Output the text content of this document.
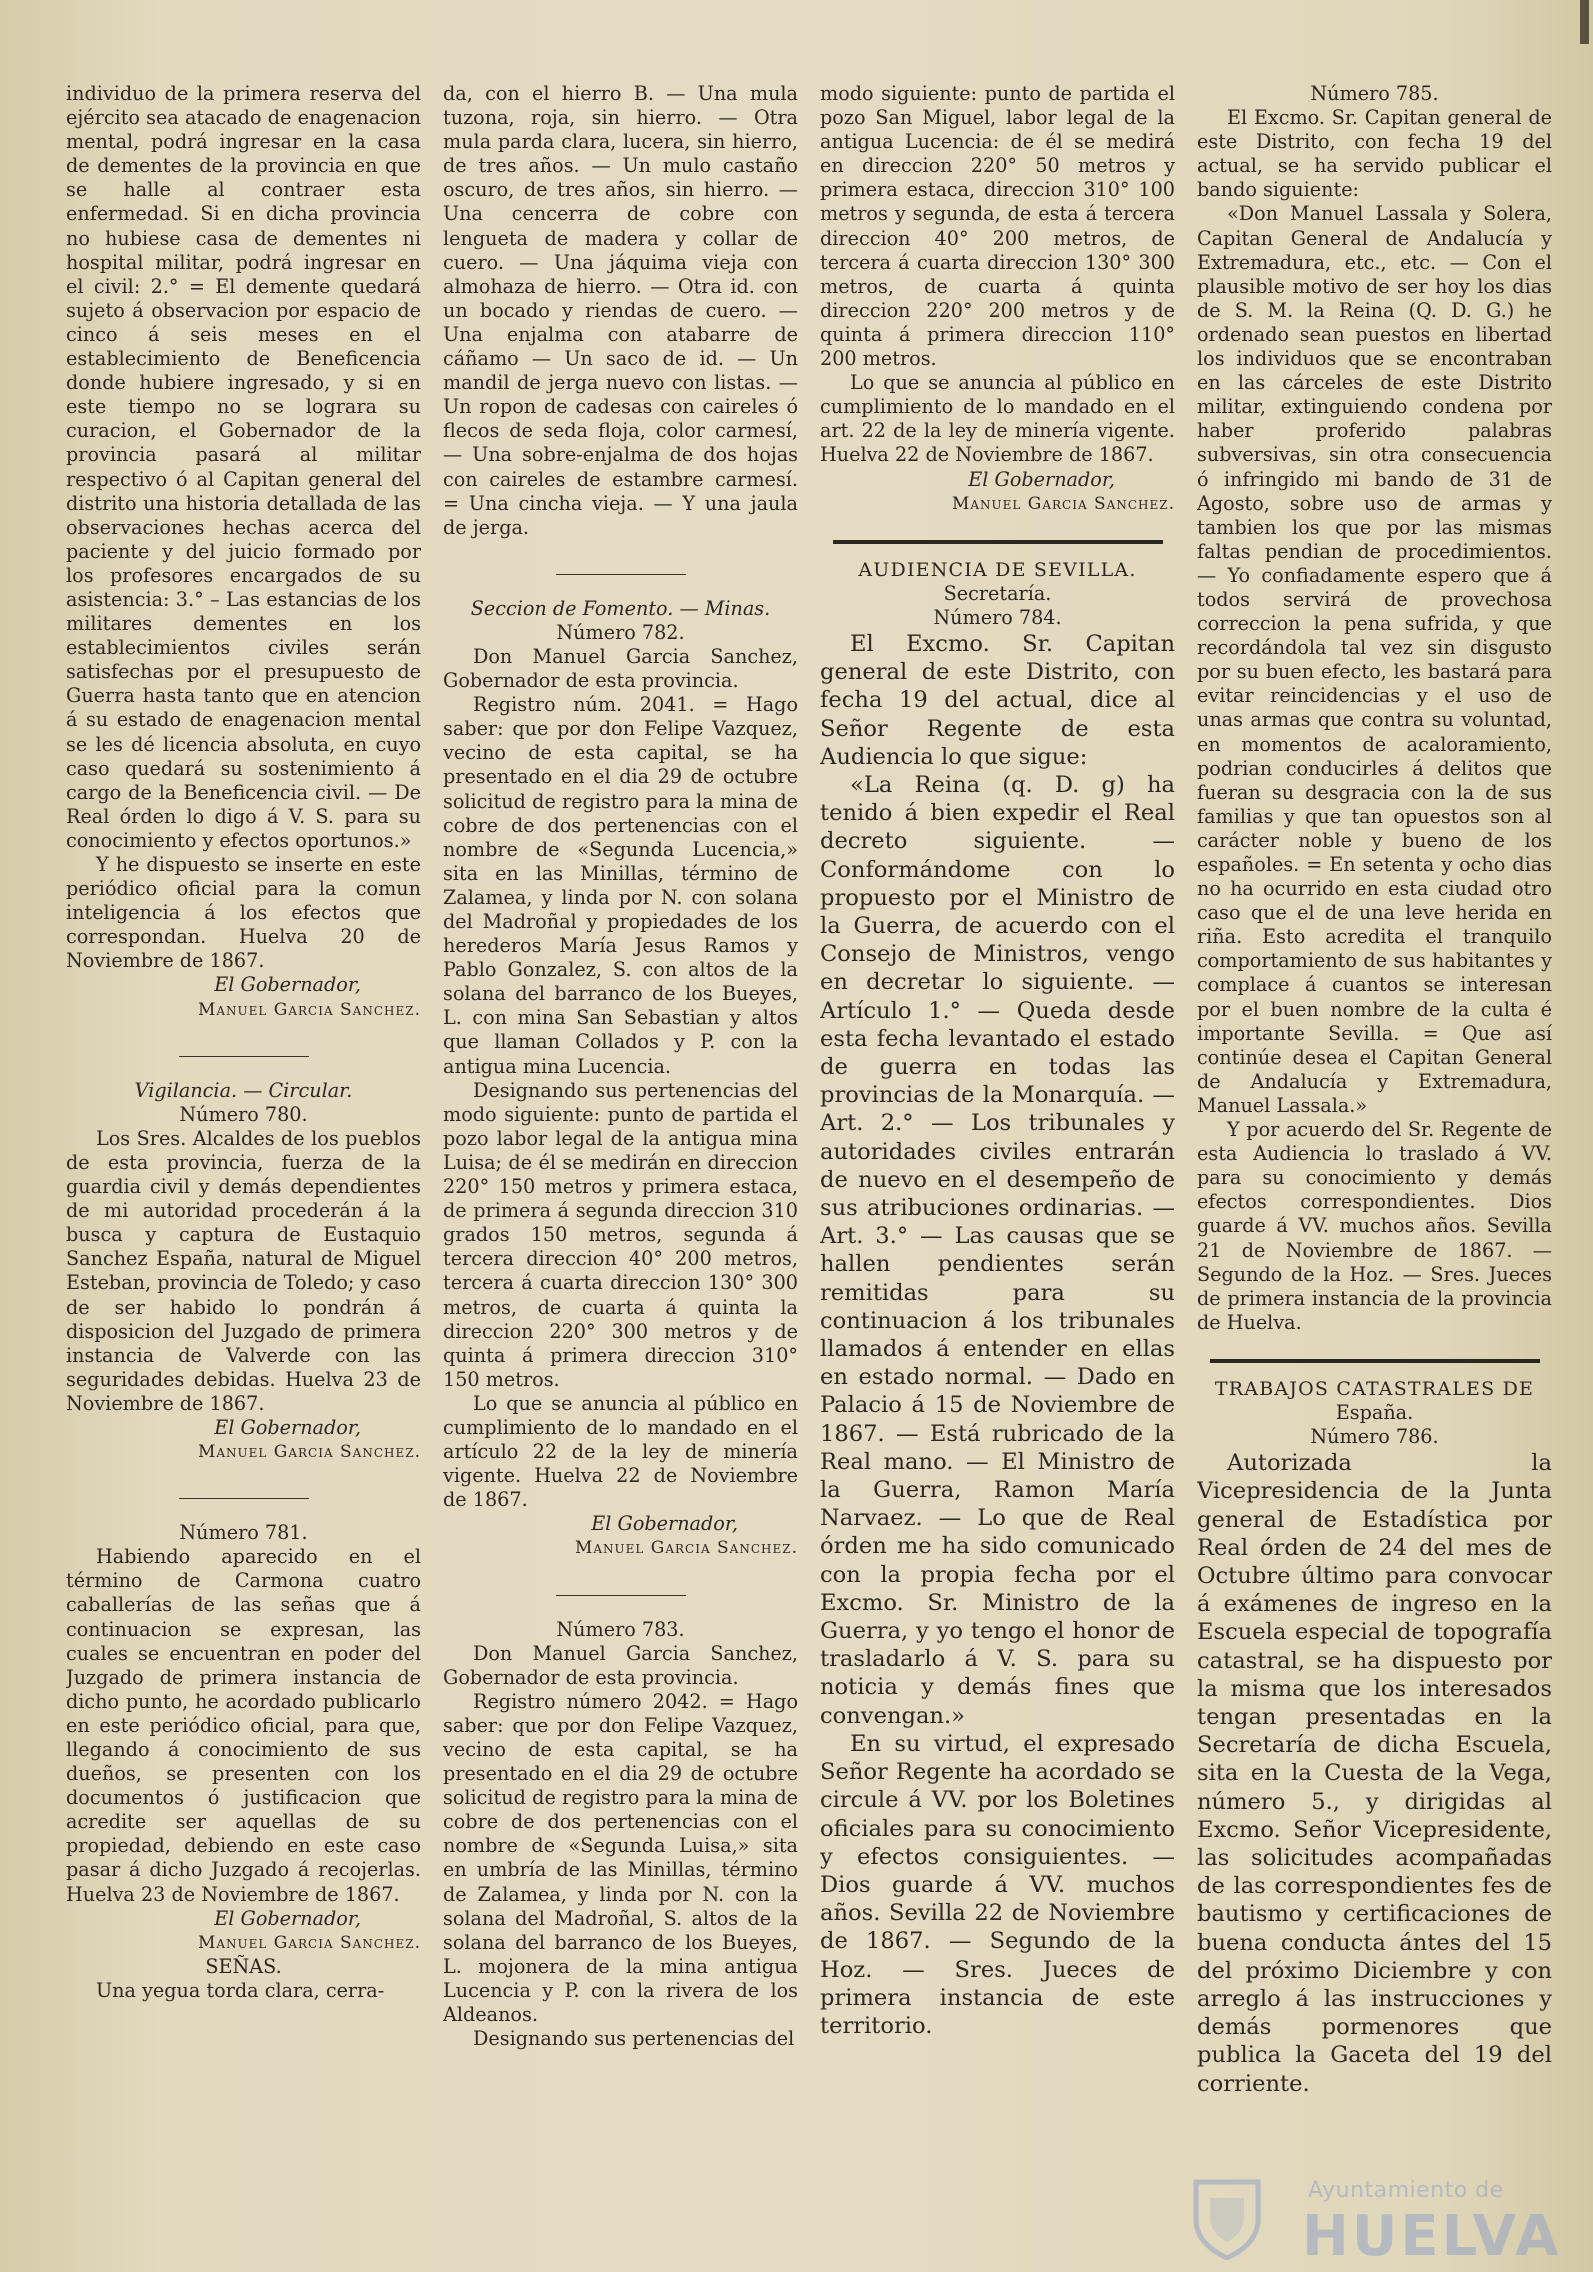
individuo de la primera reserva del ejército sea atacado de enagenacion mental, podrá ingresar en la casa de dementes de la provincia en que se halle al contraer esta enfermedad. Si en dicha provincia no hubiese casa de dementes ni hospital militar, podrá ingresar en el civil: 2.° = El demente quedará sujeto á observacion por espacio de cinco á seis meses en el establecimiento de Beneficencia donde hubiere ingresado, y si en este tiempo no se lograra su curacion, el Gobernador de la provincia pasará al militar respectivo ó al Capitan general del distrito una historia detallada de las observaciones hechas acerca del paciente y del juicio formado por los profesores encargados de su asistencia: 3.° – Las estancias de los militares dementes en los establecimientos civiles serán satisfechas por el presupuesto de Guerra hasta tanto que en atencion á su estado de enagenacion mental se les dé licencia absoluta, en cuyo caso quedará su sostenimiento á cargo de la Beneficencia civil. — De Real órden lo digo á V. S. para su conocimiento y efectos oportunos.»

Y he dispuesto se inserte en este periódico oficial para la comun inteligencia á los efectos que correspondan. Huelva 20 de Noviembre de 1867.

El Gobernador,

Manuel Garcia Sanchez.

Vigilancia. — Circular.

Número 780.

Los Sres. Alcaldes de los pueblos de esta provincia, fuerza de la guardia civil y demás dependientes de mi autoridad procederán á la busca y captura de Eustaquio Sanchez España, natural de Miguel Esteban, provincia de Toledo; y caso de ser habido lo pondrán á disposicion del Juzgado de primera instancia de Valverde con las seguridades debidas. Huelva 23 de Noviembre de 1867.

El Gobernador,

Manuel Garcia Sanchez.

Número 781.

Habiendo aparecido en el término de Carmona cuatro caballerías de las señas que á continuacion se expresan, las cuales se encuentran en poder del Juzgado de primera instancia de dicho punto, he acordado publicarlo en este periódico oficial, para que, llegando á conocimiento de sus dueños, se presenten con los documentos ó justificacion que acredite ser aquellas de su propiedad, debiendo en este caso pasar á dicho Juzgado á recojerlas. Huelva 23 de Noviembre de 1867.

El Gobernador,

Manuel Garcia Sanchez.

SEÑAS.

Una yegua torda clara, cerra-

da, con el hierro B. — Una mula tuzona, roja, sin hierro. — Otra mula parda clara, lucera, sin hierro, de tres años. — Un mulo castaño oscuro, de tres años, sin hierro. — Una cencerra de cobre con lengueta de madera y collar de cuero. — Una jáquima vieja con almohaza de hierro. — Otra id. con un bocado y riendas de cuero. — Una enjalma con atabarre de cáñamo — Un saco de id. — Un mandil de jerga nuevo con listas. — Un ropon de cadesas con caireles ó flecos de seda floja, color carmesí, — Una sobre-enjalma de dos hojas con caireles de estambre carmesí. = Una cincha vieja. — Y una jaula de jerga.

Seccion de Fomento. — Minas.

Número 782.

Don Manuel Garcia Sanchez, Gobernador de esta provincia.

Registro núm. 2041. = Hago saber: que por don Felipe Vazquez, vecino de esta capital, se ha presentado en el dia 29 de octubre solicitud de registro para la mina de cobre de dos pertenencias con el nombre de «Segunda Lucencia,» sita en las Minillas, término de Zalamea, y linda por N. con solana del Madroñal y propiedades de los herederos María Jesus Ramos y Pablo Gonzalez, S. con altos de la solana del barranco de los Bueyes, L. con mina San Sebastian y altos que llaman Collados y P. con la antigua mina Lucencia.

Designando sus pertenencias del modo siguiente: punto de partida el pozo labor legal de la antigua mina Luisa; de él se medirán en direccion 220° 150 metros y primera estaca, de primera á segunda direccion 310 grados 150 metros, segunda á tercera direccion 40° 200 metros, tercera á cuarta direccion 130° 300 metros, de cuarta á quinta la direccion 220° 300 metros y de quinta á primera direccion 310° 150 metros.

Lo que se anuncia al público en cumplimiento de lo mandado en el artículo 22 de la ley de minería vigente. Huelva 22 de Noviembre de 1867.

El Gobernador,

Manuel Garcia Sanchez.

Número 783.

Don Manuel Garcia Sanchez, Gobernador de esta provincia.

Registro número 2042. = Hago saber: que por don Felipe Vazquez, vecino de esta capital, se ha presentado en el dia 29 de octubre solicitud de registro para la mina de cobre de dos pertenencias con el nombre de «Segunda Luisa,» sita en umbría de las Minillas, término de Zalamea, y linda por N. con la solana del Madroñal, S. altos de la solana del barranco de los Bueyes, L. mojonera de la mina antigua Lucencia y P. con la rivera de los Aldeanos.

Designando sus pertenencias del

modo siguiente: punto de partida el pozo San Miguel, labor legal de la antigua Lucencia: de él se medirá en direccion 220° 50 metros y primera estaca, direccion 310° 100 metros y segunda, de esta á tercera direccion 40° 200 metros, de tercera á cuarta direccion 130° 300 metros, de cuarta á quinta direccion 220° 200 metros y de quinta á primera direccion 110° 200 metros.

Lo que se anuncia al público en cumplimiento de lo mandado en el art. 22 de la ley de minería vigente. Huelva 22 de Noviembre de 1867.

El Gobernador,

Manuel Garcia Sanchez.

AUDIENCIA DE SEVILLA.

Secretaría.

Número 784.

El Excmo. Sr. Capitan general de este Distrito, con fecha 19 del actual, dice al Señor Regente de esta Audiencia lo que sigue:

«La Reina (q. D. g) ha tenido á bien expedir el Real decreto siguiente. — Conformándome con lo propuesto por el Ministro de la Guerra, de acuerdo con el Consejo de Ministros, vengo en decretar lo siguiente. — Artículo 1.° — Queda desde esta fecha levantado el estado de guerra en todas las provincias de la Monarquía. — Art. 2.° — Los tribunales y autoridades civiles entrarán de nuevo en el desempeño de sus atribuciones ordinarias. — Art. 3.° — Las causas que se hallen pendientes serán remitidas para su continuacion á los tribunales llamados á entender en ellas en estado normal. — Dado en Palacio á 15 de Noviembre de 1867. — Está rubricado de la Real mano. — El Ministro de la Guerra, Ramon María Narvaez. — Lo que de Real órden me ha sido comunicado con la propia fecha por el Excmo. Sr. Ministro de la Guerra, y yo tengo el honor de trasladarlo á V. S. para su noticia y demás fines que convengan.»

En su virtud, el expresado Señor Regente ha acordado se circule á VV. por los Boletines oficiales para su conocimiento y efectos consiguientes. — Dios guarde á VV. muchos años. Sevilla 22 de Noviembre de 1867. — Segundo de la Hoz. — Sres. Jueces de primera instancia de este territorio.

Número 785.

El Excmo. Sr. Capitan general de este Distrito, con fecha 19 del actual, se ha servido publicar el bando siguiente:

«Don Manuel Lassala y Solera, Capitan General de Andalucía y Extremadura, etc., etc. — Con el plausible motivo de ser hoy los dias de S. M. la Reina (Q. D. G.) he ordenado sean puestos en libertad los individuos que se encontraban en las cárceles de este Distrito militar, extinguiendo condena por haber proferido palabras subversivas, sin otra consecuencia ó infringido mi bando de 31 de Agosto, sobre uso de armas y tambien los que por las mismas faltas pendian de procedimientos. — Yo confiadamente espero que á todos servirá de provechosa correccion la pena sufrida, y que recordándola tal vez sin disgusto por su buen efecto, les bastará para evitar reincidencias y el uso de unas armas que contra su voluntad, en momentos de acaloramiento, podrian conducirles á delitos que fueran su desgracia con la de sus familias y que tan opuestos son al carácter noble y bueno de los españoles. = En setenta y ocho dias no ha ocurrido en esta ciudad otro caso que el de una leve herida en riña. Esto acredita el tranquilo comportamiento de sus habitantes y complace á cuantos se interesan por el buen nombre de la culta é importante Sevilla. = Que así continúe desea el Capitan General de Andalucía y Extremadura, Manuel Lassala.»

Y por acuerdo del Sr. Regente de esta Audiencia lo traslado á VV. para su conocimiento y demás efectos correspondientes. Dios guarde á VV. muchos años. Sevilla 21 de Noviembre de 1867. — Segundo de la Hoz. — Sres. Jueces de primera instancia de la provincia de Huelva.

TRABAJOS CATASTRALES DE

España.

Número 786.

Autorizada la Vicepresidencia de la Junta general de Estadística por Real órden de 24 del mes de Octubre último para convocar á exámenes de ingreso en la Escuela especial de topografía catastral, se ha dispuesto por la misma que los interesados tengan presentadas en la Secretaría de dicha Escuela, sita en la Cuesta de la Vega, número 5., y dirigidas al Excmo. Señor Vicepresidente, las solicitudes acompañadas de las correspondientes fes de bautismo y certificaciones de buena conducta ántes del 15 del próximo Diciembre y con arreglo á las instrucciones y demás pormenores que publica la Gaceta del 19 del corriente.

Ayuntamiento de
HUELVA
